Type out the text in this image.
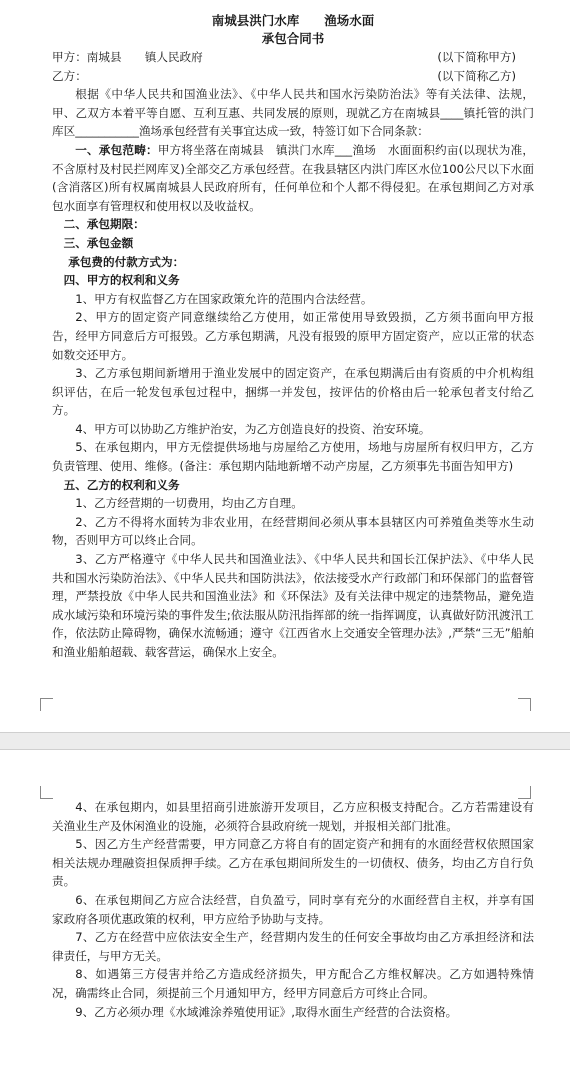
南城县洪门水库　　渔场水面
承包合同书
甲方：南城县　　镇人民政府	(以下简称甲方)
乙方：	(以下简称乙方)

根据《中华人民共和国渔业法》、《中华人民共和国水污染防治法》等有关法律、法规，甲、乙双方本着平等自愿、互利互惠、共同发展的原则，现就乙方在南城县____镇托管的洪门库区___________渔场承包经营有关事宜达成一致，特签订如下合同条款：

一、承包范畴：甲方将坐落在南城县　镇洪门水库___渔场　水面面积约亩(以现状为准，不含原村及村民拦网库叉)全部交乙方承包经营。在我县辖区内洪门库区水位100公尺以下水面(含消落区)所有权属南城县人民政府所有，任何单位和个人都不得侵犯。在承包期间乙方对承包水面享有管理权和使用权以及收益权。

二、承包期限：
三、承包金额
承包费的付款方式为：
四、甲方的权利和义务

1、甲方有权监督乙方在国家政策允许的范围内合法经营。

2、甲方的固定资产同意继续给乙方使用，如正常使用导致毁损，乙方须书面向甲方报告，经甲方同意后方可报毁。乙方承包期满，凡没有报毁的原甲方固定资产，应以正常的状态如数交还甲方。

3、乙方承包期间新增用于渔业发展中的固定资产，在承包期满后由有资质的中介机构组织评估，在后一轮发包承包过程中，捆绑一并发包，按评估的价格由后一轮承包者支付给乙方。

4、甲方可以协助乙方维护治安，为乙方创造良好的投资、治安环境。

5、在承包期内，甲方无偿提供场地与房屋给乙方使用，场地与房屋所有权归甲方，乙方负责管理、使用、维修。(备注：承包期内陆地新增不动产房屋，乙方须事先书面告知甲方)

五、乙方的权利和义务

1、乙方经营期的一切费用，均由乙方自理。

2、乙方不得将水面转为非农业用，在经营期间必须从事本县辖区内可养殖鱼类等水生动物，否则甲方可以终止合同。

3、乙方严格遵守《中华人民共和国渔业法》、《中华人民共和国长江保护法》、《中华人民共和国水污染防治法》、《中华人民共和国防洪法》，依法接受水产行政部门和环保部门的监督管理，严禁投放《中华人民共和国渔业法》和《环保法》及有关法律中规定的违禁物品，避免造成水域污染和环境污染的事件发生;依法服从防汛指挥部的统一指挥调度，认真做好防汛渡汛工作，依法防止障碍物，确保水流畅通；遵守《江西省水上交通安全管理办法》,严禁“三无”船舶和渔业船舶超载、载客营运，确保水上安全。

4、在承包期内，如县里招商引进旅游开发项目，乙方应积极支持配合。乙方若需建设有关渔业生产及休闲渔业的设施，必须符合县政府统一规划，并报相关部门批准。

5、因乙方生产经营需要，甲方同意乙方将自有的固定资产和拥有的水面经营权依照国家相关法规办理融资担保质押手续。乙方在承包期间所发生的一切债权、债务，均由乙方自行负责。

6、在承包期间乙方应合法经营，自负盈亏，同时享有充分的水面经营自主权，并享有国家政府各项优惠政策的权利，甲方应给予协助与支持。

7、乙方在经营中应依法安全生产，经营期内发生的任何安全事故均由乙方承担经济和法律责任，与甲方无关。

8、如遇第三方侵害并给乙方造成经济损失，甲方配合乙方维权解决。乙方如遇特殊情况，确需终止合同，须提前三个月通知甲方，经甲方同意后方可终止合同。

9、乙方必须办理《水域滩涂养殖使用证》,取得水面生产经营的合法资格。
